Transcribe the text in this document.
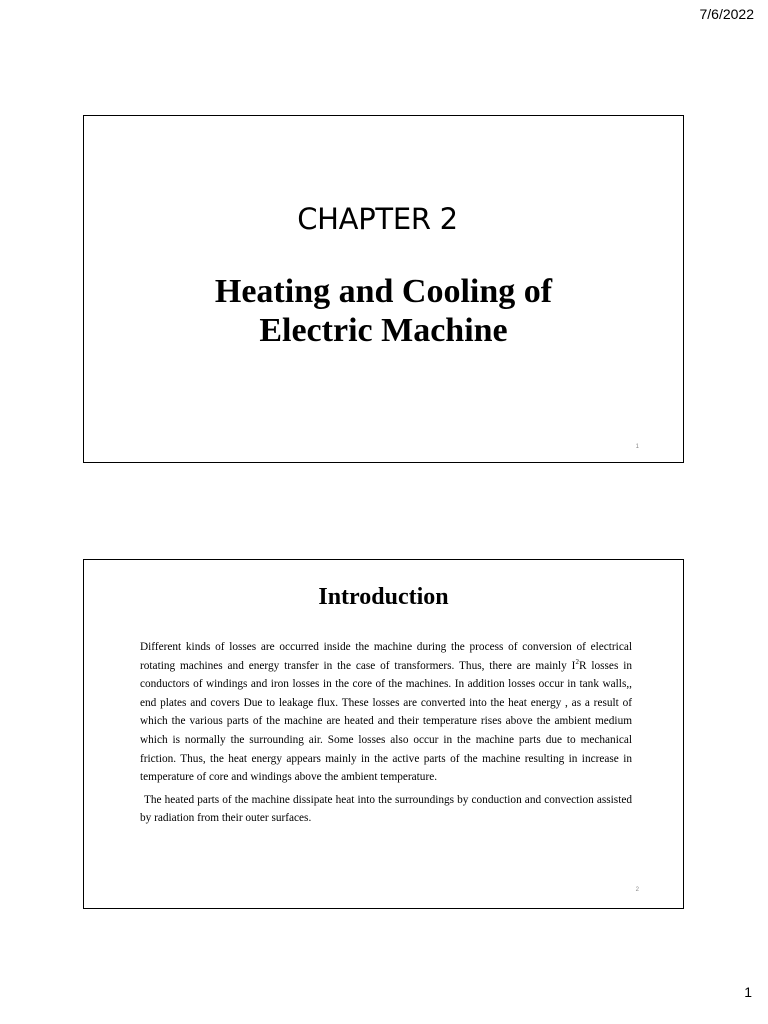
7/6/2022
CHAPTER 2
Heating and Cooling of
Electric Machine
1
Introduction

Different kinds of losses are occurred inside the machine during the process of conversion of electrical rotating machines and energy transfer in the case of transformers. Thus, there are mainly $I^2R$ losses in conductors of windings and iron losses in the core of the machines. In addition losses occur in tank walls,, end plates and covers Due to leakage flux. These losses are converted into the heat energy , as a result of which the various parts of the machine are heated and their temperature rises above the ambient medium which is normally the surrounding air. Some losses also occur in the machine parts due to mechanical friction. Thus, the heat energy appears mainly in the active parts of the machine resulting in increase in temperature of core and windings above the ambient temperature.

The heated parts of the machine dissipate heat into the surroundings by conduction and convection assisted by radiation from their outer surfaces.

2
1
